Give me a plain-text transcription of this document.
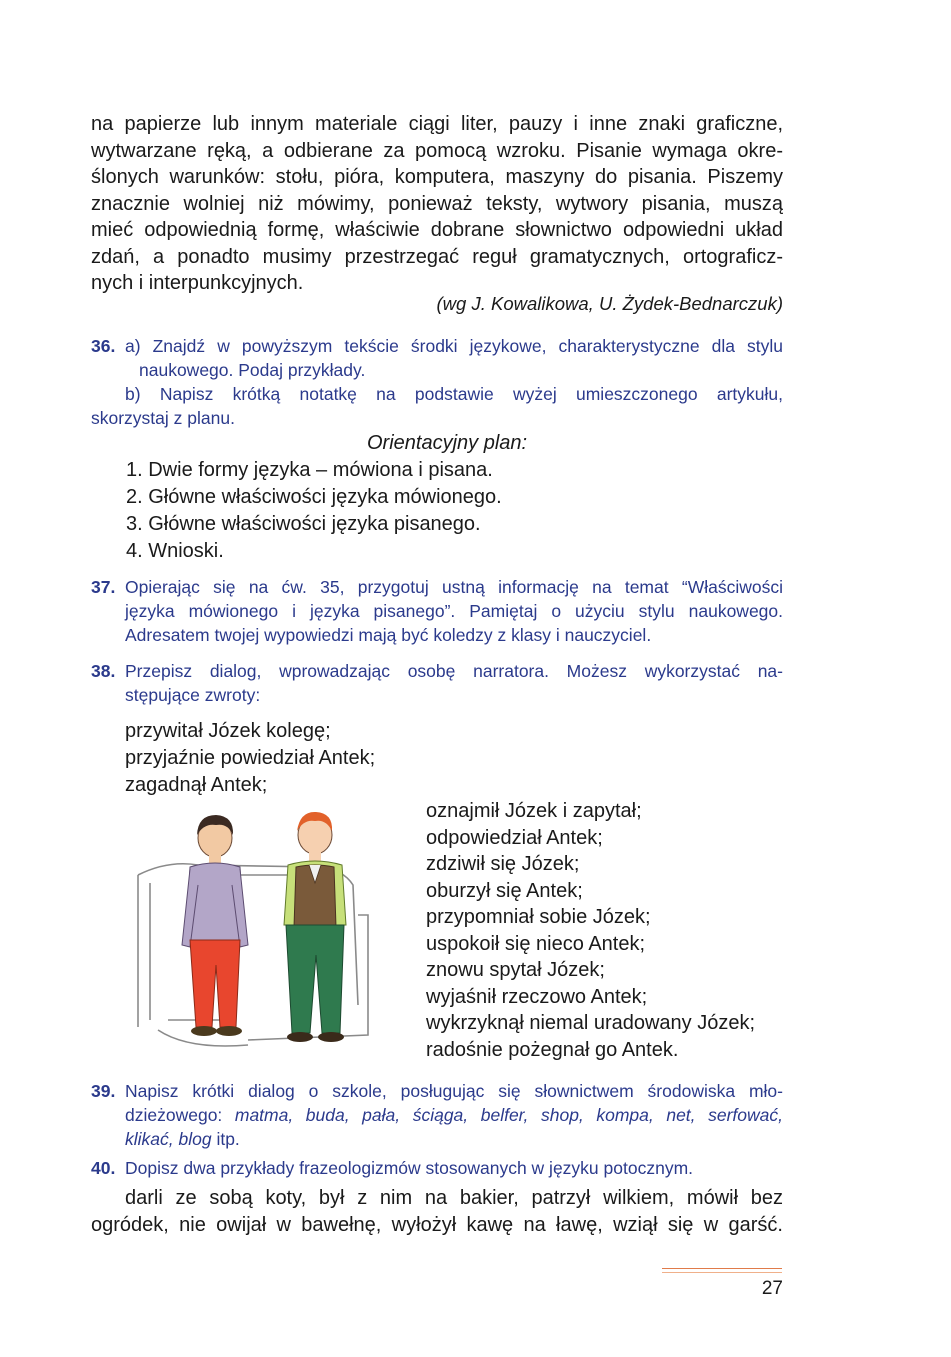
na papierze lub innym materiale ciągi liter, pauzy i inne znaki graficzne,
wytwarzane ręką, a odbierane za pomocą wzroku. Pisanie wymaga okre-
ślonych warunków: stołu, pióra, komputera, maszyny do pisania. Piszemy
znacznie wolniej niż mówimy, ponieważ teksty, wytwory pisania, muszą
mieć odpowiednią formę, właściwie dobrane słownictwo odpowiedni układ
zdań, a ponadto musimy przestrzegać reguł gramatycznych, ortograficz-
nych i interpunkcyjnych.
(wg J. Kowalikowa, U. Żydek-Bednarczuk)
36. a) Znajdź w powyższym tekście środki językowe, charakterystyczne dla stylu
naukowego. Podaj przykłady.
b) Napisz krótką notatkę na podstawie wyżej umieszczonego artykułu,
skorzystaj z planu.
Orientacyjny plan:
1. Dwie formy języka – mówiona i pisana.
2. Główne właściwości języka mówionego.
3. Główne właściwości języka pisanego.
4. Wnioski.
37. Opierając się na ćw. 35, przygotuj ustną informację na temat “Właściwości
języka mówionego i języka pisanego”. Pamiętaj o użyciu stylu naukowego.
Adresatem twojej wypowiedzi mają być koledzy z klasy i nauczyciel.
38. Przepisz dialog, wprowadzając osobę narratora. Możesz wykorzystać na-
stępujące zwroty:
przywitał Józek kolegę;
przyjaźnie powiedział Antek;
zagadnął Antek;
oznajmił Józek i zapytał;
odpowiedział Antek;
zdziwił się Józek;
oburzył się Antek;
przypomniał sobie Józek;
uspokoił się nieco Antek;
znowu spytał Józek;
wyjaśnił rzeczowo Antek;
wykrzyknął niemal uradowany Józek;
radośnie pożegnał go Antek.
39. Napisz krótki dialog o szkole, posługując się słownictwem środowiska mło-
dzieżowego: matma, buda, pała, ściąga, belfer, shop, kompa, net, serfować,
klikać, blog itp.
40. Dopisz dwa przykłady frazeologizmów stosowanych w języku potocznym.
darli ze sobą koty, był z nim na bakier, patrzył wilkiem, mówił bez
ogródek, nie owijał w bawełnę, wyłożył kawę na ławę, wziął się w garść.
27
